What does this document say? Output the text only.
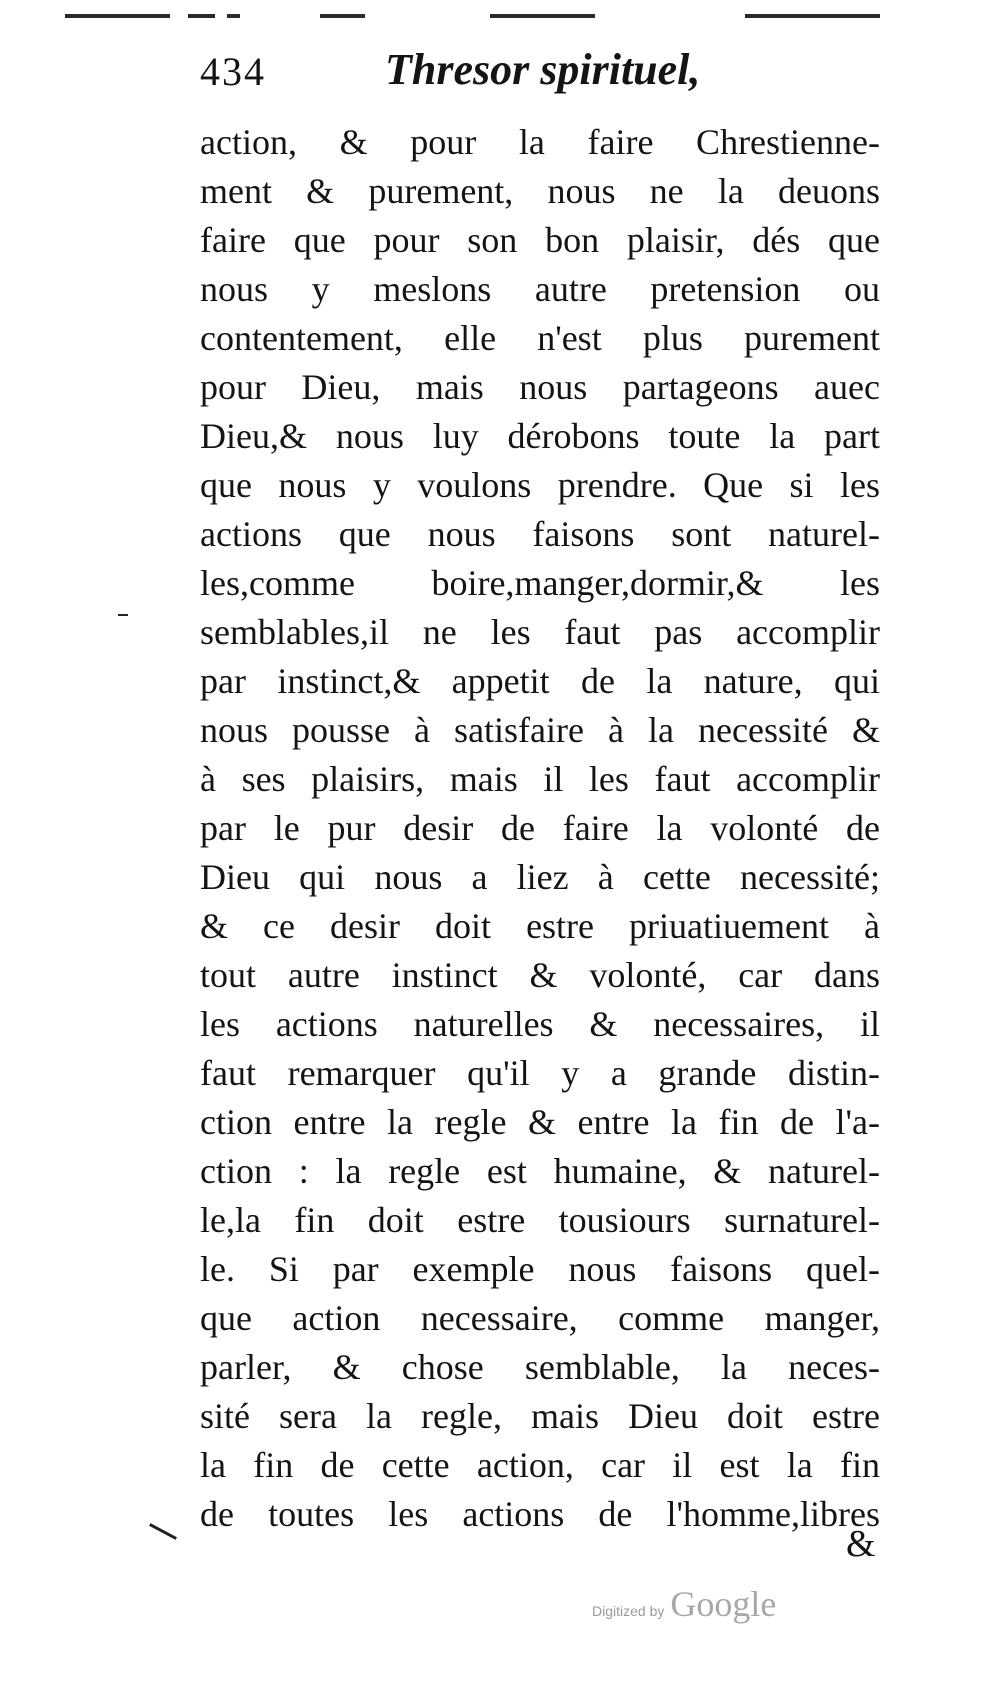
434	Thresor spirituel,
action, & pour la faire Chrestienne-
ment & purement, nous ne la deuons
faire que pour son bon plaisir, dés que
nous y meslons autre pretension ou
contentement, elle n'est plus purement
pour Dieu, mais nous partageons auec
Dieu,& nous luy dérobons toute la part
que nous y voulons prendre. Que si les
actions que nous faisons sont naturel-
les,comme boire,manger,dormir,& les
semblables,il ne les faut pas accomplir
par instinct,& appetit de la nature, qui
nous pousse à satisfaire à la necessité &
à ses plaisirs, mais il les faut accomplir
par le pur desir de faire la volonté de
Dieu qui nous a liez à cette necessité;
& ce desir doit estre priuatiuement à
tout autre instinct & volonté, car dans
les actions naturelles & necessaires, il
faut remarquer qu'il y a grande distin-
ction entre la regle & entre la fin de l'a-
ction : la regle est humaine, & naturel-
le,la fin doit estre tousiours surnaturel-
le. Si par exemple nous faisons quel-
que action necessaire, comme manger,
parler, & chose semblable, la neces-
sité sera la regle, mais Dieu doit estre
la fin de cette action, car il est la fin
de toutes les actions de l'homme,libres
&
Digitized by Google
